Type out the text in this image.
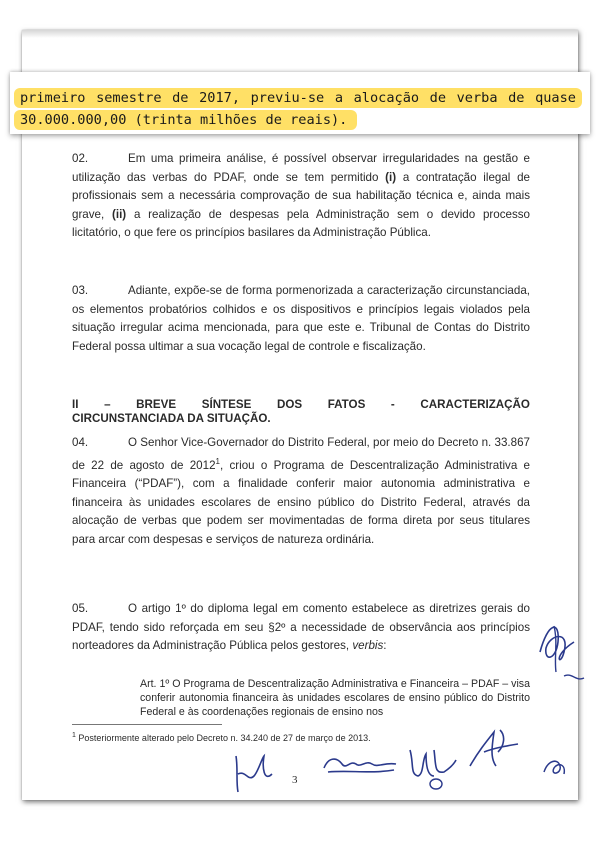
primeiro semestre de 2017, previu-se a alocação de verba de quase
30.000.000,00 (trinta milhões de reais).
02.	Em uma primeira análise, é possível observar irregularidades na gestão e utilização das verbas do PDAF, onde se tem permitido (i) a contratação ilegal de profissionais sem a necessária comprovação de sua habilitação técnica e, ainda mais grave, (ii) a realização de despesas pela Administração sem o devido processo licitatório, o que fere os princípios basilares da Administração Pública.
03.	Adiante, expõe-se de forma pormenorizada a caracterização circunstanciada, os elementos probatórios colhidos e os dispositivos e princípios legais violados pela situação irregular acima mencionada, para que este e. Tribunal de Contas do Distrito Federal possa ultimar a sua vocação legal de controle e fiscalização.
II – BREVE SÍNTESE DOS FATOS - CARACTERIZAÇÃO
CIRCUNSTANCIADA DA SITUAÇÃO.
04.	O Senhor Vice-Governador do Distrito Federal, por meio do Decreto n. 33.867 de 22 de agosto de 2012$^1$, criou o Programa de Descentralização Administrativa e Financeira (“PDAF”), com a finalidade conferir maior autonomia administrativa e financeira às unidades escolares de ensino público do Distrito Federal, através da alocação de verbas que podem ser movimentadas de forma direta por seus titulares para arcar com despesas e serviços de natureza ordinária.
05.	O artigo 1º do diploma legal em comento estabelece as diretrizes gerais do PDAF, tendo sido reforçada em seu §2º a necessidade de observância aos princípios norteadores da Administração Pública pelos gestores, verbis:
Art. 1º O Programa de Descentralização Administrativa e Financeira – PDAF – visa conferir autonomia financeira às unidades escolares de ensino público do Distrito Federal e às coordenações regionais de ensino nos
$^1$ Posteriormente alterado pelo Decreto n. 34.240 de 27 de março de 2013.
3
